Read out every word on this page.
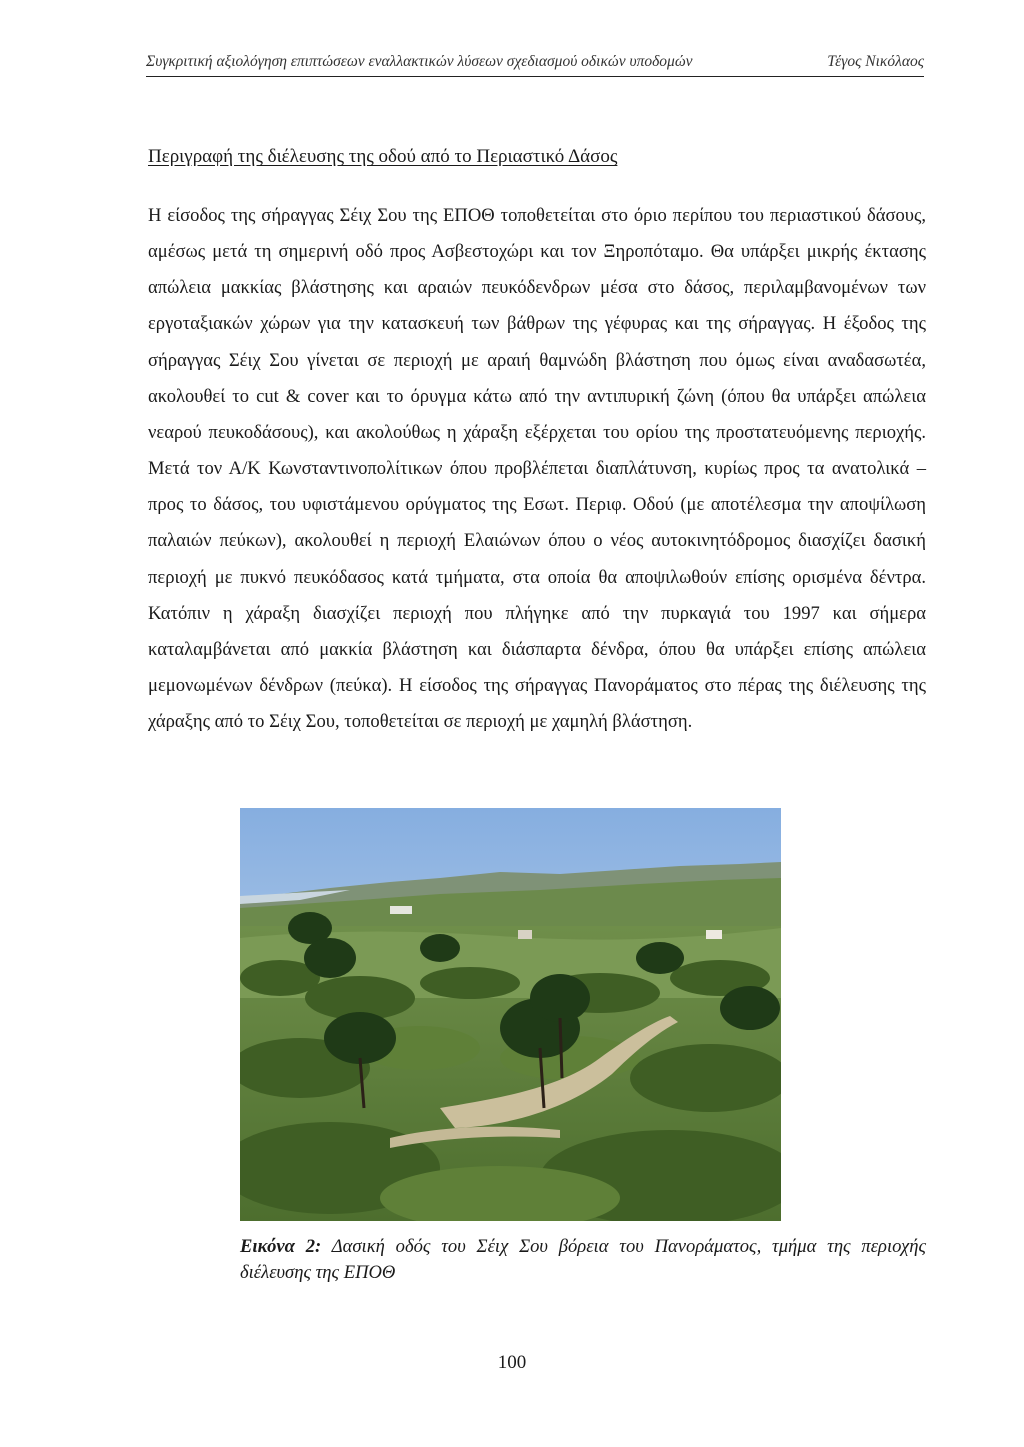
Συγκριτική αξιολόγηση επιπτώσεων εναλλακτικών λύσεων σχεδιασμού οδικών υποδομών	Τέγος Νικόλαος
Περιγραφή της διέλευσης της οδού από το Περιαστικό Δάσος

Η είσοδος της σήραγγας Σέιχ Σου της ΕΠΟΘ τοποθετείται στο όριο περίπου του περιαστικού δάσους, αμέσως μετά τη σημερινή οδό προς Ασβεστοχώρι και τον Ξηροπόταμο. Θα υπάρξει μικρής έκτασης απώλεια μακκίας βλάστησης και αραιών πευκόδενδρων μέσα στο δάσος, περιλαμβανομένων των εργοταξιακών χώρων για την κατασκευή των βάθρων της γέφυρας και της σήραγγας. Η έξοδος της σήραγγας Σέιχ Σου γίνεται σε περιοχή με αραιή θαμνώδη βλάστηση που όμως είναι αναδασωτέα, ακολουθεί το cut & cover και το όρυγμα κάτω από την αντιπυρική ζώνη (όπου θα υπάρξει απώλεια νεαρού πευκοδάσους), και ακολούθως η χάραξη εξέρχεται του ορίου της προστατευόμενης περιοχής. Μετά τον Α/Κ Κωνσταντινοπολίτικων όπου προβλέπεται διαπλάτυνση, κυρίως προς τα ανατολικά – προς το δάσος, του υφιστάμενου ορύγματος της Εσωτ. Περιφ. Οδού (με αποτέλεσμα την αποψίλωση παλαιών πεύκων), ακολουθεί η περιοχή Ελαιώνων όπου ο νέος αυτοκινητόδρομος διασχίζει δασική περιοχή με πυκνό πευκόδασος κατά τμήματα, στα οποία θα αποψιλωθούν επίσης ορισμένα δέντρα. Κατόπιν η χάραξη διασχίζει περιοχή που πλήγηκε από την πυρκαγιά του 1997 και σήμερα καταλαμβάνεται από μακκία βλάστηση και διάσπαρτα δένδρα, όπου θα υπάρξει επίσης απώλεια μεμονωμένων δένδρων (πεύκα). Η είσοδος της σήραγγας Πανοράματος στο πέρας της διέλευσης της χάραξης από το Σέιχ Σου, τοποθετείται σε περιοχή με χαμηλή βλάστηση.

Εικόνα 2: Δασική οδός του Σέιχ Σου βόρεια του Πανοράματος, τμήμα της περιοχής διέλευσης της ΕΠΟΘ

100
